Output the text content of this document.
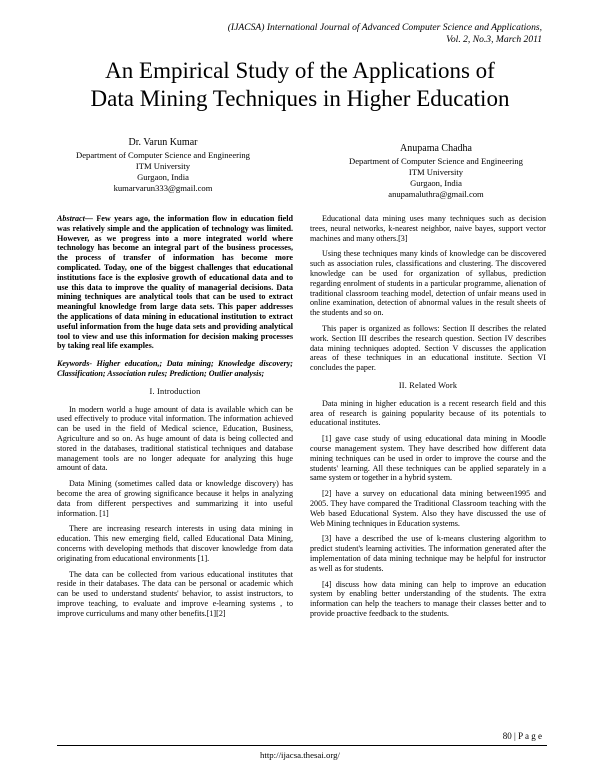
(IJACSA) International Journal of Advanced Computer Science and Applications,
Vol. 2, No.3, March 2011
An Empirical Study of the Applications of
Data Mining Techniques in Higher Education
Dr. Varun Kumar
Department of Computer Science and Engineering
ITM University
Gurgaon, India
kumarvarun333@gmail.com
Anupama Chadha
Department of Computer Science and Engineering
ITM University
Gurgaon, India
anupamaluthra@gmail.com

Abstract— Few years ago, the information flow in education field was relatively simple and the application of technology was limited. However, as we progress into a more integrated world where technology has become an integral part of the business processes, the process of transfer of information has become more complicated. Today, one of the biggest challenges that educational institutions face is the explosive growth of educational data and to use this data to improve the quality of managerial decisions. Data mining techniques are analytical tools that can be used to extract meaningful knowledge from large data sets. This paper addresses the applications of data mining in educational institution to extract useful information from the huge data sets and providing analytical tool to view and use this information for decision making processes by taking real life examples.

Keywords- Higher education,; Data mining; Knowledge discovery; Classification; Association rules; Prediction; Outlier analysis;

I. Introduction

In modern world a huge amount of data is available which can be used effectively to produce vital information. The information achieved can be used in the field of Medical science, Education, Business, Agriculture and so on. As huge amount of data is being collected and stored in the databases, traditional statistical techniques and database management tools are no longer adequate for analyzing this huge amount of data.

Data Mining (sometimes called data or knowledge discovery) has become the area of growing significance because it helps in analyzing data from different perspectives and summarizing it into useful information. [1]

There are increasing research interests in using data mining in education. This new emerging field, called Educational Data Mining, concerns with developing methods that discover knowledge from data originating from educational environments [1].

The data can be collected from various educational institutes that reside in their databases. The data can be personal or academic which can be used to understand students' behavior, to assist instructors, to improve teaching, to evaluate and improve e-learning systems , to improve curriculums and many other benefits.[1][2]

Educational data mining uses many techniques such as decision trees, neural networks, k-nearest neighbor, naive bayes, support vector machines and many others.[3]

Using these techniques many kinds of knowledge can be discovered such as association rules, classifications and clustering. The discovered knowledge can be used for organization of syllabus, prediction regarding enrolment of students in a particular programme, alienation of traditional classroom teaching model, detection of unfair means used in online examination, detection of abnormal values in the result sheets of the students and so on.

This paper is organized as follows: Section II describes the related work. Section III describes the research question. Section IV describes data mining techniques adopted. Section V discusses the application areas of these techniques in an educational institute. Section VI concludes the paper.

II. Related Work

Data mining in higher education is a recent research field and this area of research is gaining popularity because of its potentials to educational institutes.

[1] gave case study of using educational data mining in Moodle course management system. They have described how different data mining techniques can be used in order to improve the course and the students' learning. All these techniques can be applied separately in a same system or together in a hybrid system.

[2] have a survey on educational data mining between1995 and 2005. They have compared the Traditional Classroom teaching with the Web based Educational System. Also they have discussed the use of Web Mining techniques in Education systems.

[3] have a described the use of k-means clustering algorithm to predict student's learning activities. The information generated after the implementation of data mining technique may be helpful for instructor as well as for students.

[4] discuss how data mining can help to improve an education system by enabling better understanding of the students. The extra information can help the teachers to manage their classes better and to provide proactive feedback to the students.

80 | P a g e
http://ijacsa.thesai.org/
